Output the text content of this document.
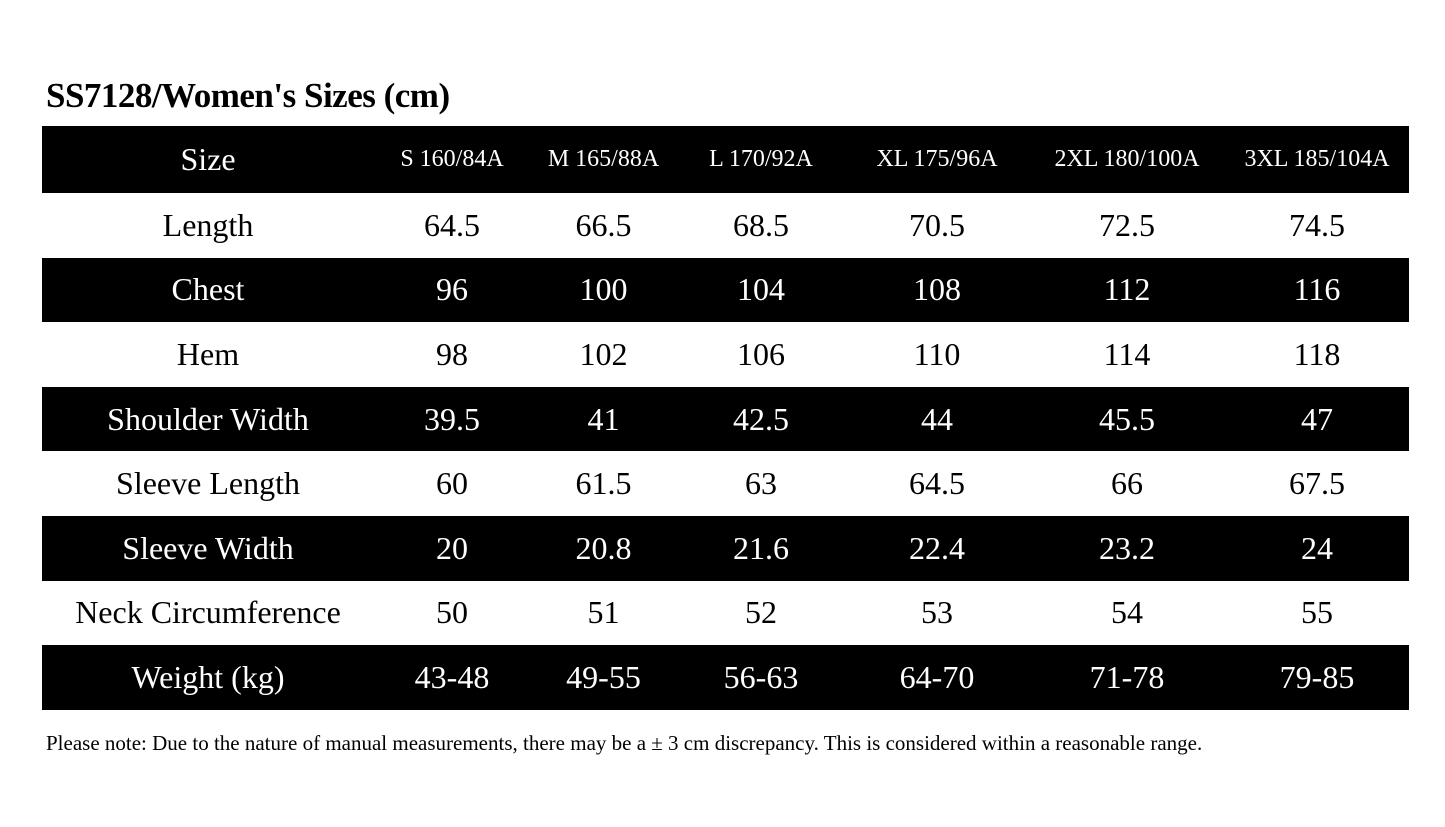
SS7128/Women's Sizes (cm)
Size	S 160/84A	M 165/88A	L 170/92A	XL 175/96A	2XL 180/100A	3XL 185/104A
Length	64.5	66.5	68.5	70.5	72.5	74.5
Chest	96	100	104	108	112	116
Hem	98	102	106	110	114	118
Shoulder Width	39.5	41	42.5	44	45.5	47
Sleeve Length	60	61.5	63	64.5	66	67.5
Sleeve Width	20	20.8	21.6	22.4	23.2	24
Neck Circumference	50	51	52	53	54	55
Weight (kg)	43-48	49-55	56-63	64-70	71-78	79-85
Please note: Due to the nature of manual measurements, there may be a ± 3 cm discrepancy. This is considered within a reasonable range.
